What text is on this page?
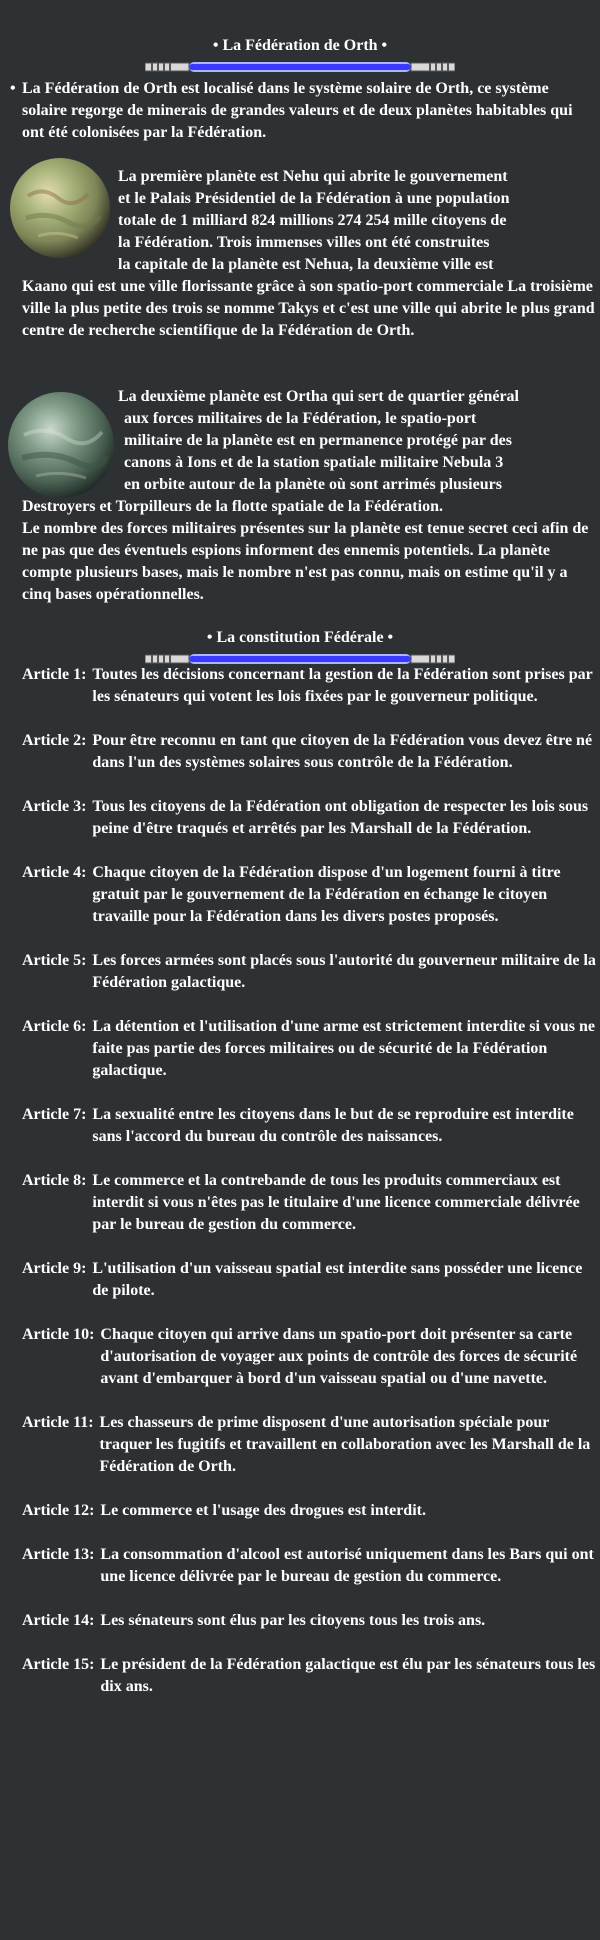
• La Fédération de Orth •
• La Fédération de Orth est localisé dans le système solaire de Orth, ce système solaire regorge de minerais de grandes valeurs et de deux planètes habitables qui ont été colonisées par la Fédération.
La première planète est Nehu qui abrite le gouvernement
et le Palais Présidentiel de la Fédération à une population
totale de 1 milliard 824 millions 274 254 mille citoyens de
la Fédération. Trois immenses villes ont été construites
la capitale de la planète est Nehua, la deuxième ville est
Kaano qui est une ville florissante grâce à son spatio-port commerciale La troisième ville la plus petite des trois se nomme Takys et c'est une ville qui abrite le plus grand centre de recherche scientifique de la Fédération de Orth.
La deuxième planète est Ortha qui sert de quartier général
aux forces militaires de la Fédération, le spatio-port
militaire de la planète est en permanence protégé par des
canons à Ions et de la station spatiale militaire Nebula 3
en orbite autour de la planète où sont arrimés plusieurs
Destroyers et Torpilleurs de la flotte spatiale de la Fédération.
Le nombre des forces militaires présentes sur la planète est tenue secret ceci afin de ne pas que des éventuels espions informent des ennemis potentiels. La planète compte plusieurs bases, mais le nombre n'est pas connu, mais on estime qu'il y a cinq bases opérationnelles.
• La constitution Fédérale •
Article 1: Toutes les décisions concernant la gestion de la Fédération sont prises par les sénateurs qui votent les lois fixées par le gouverneur politique.
Article 2: Pour être reconnu en tant que citoyen de la Fédération vous devez être né dans l'un des systèmes solaires sous contrôle de la Fédération.
Article 3: Tous les citoyens de la Fédération ont obligation de respecter les lois sous peine d'être traqués et arrêtés par les Marshall de la Fédération.
Article 4: Chaque citoyen de la Fédération dispose d'un logement fourni à titre gratuit par le gouvernement de la Fédération en échange le citoyen travaille pour la Fédération dans les divers postes proposés.
Article 5: Les forces armées sont placés sous l'autorité du gouverneur militaire de la Fédération galactique.
Article 6: La détention et l'utilisation d'une arme est strictement interdite si vous ne faite pas partie des forces militaires ou de sécurité de la Fédération galactique.
Article 7: La sexualité entre les citoyens dans le but de se reproduire est interdite sans l'accord du bureau du contrôle des naissances.
Article 8: Le commerce et la contrebande de tous les produits commerciaux est interdit si vous n'êtes pas le titulaire d'une licence commerciale délivrée par le bureau de gestion du commerce.
Article 9: L'utilisation d'un vaisseau spatial est interdite sans posséder une licence de pilote.
Article 10: Chaque citoyen qui arrive dans un spatio-port doit présenter sa carte d'autorisation de voyager aux points de contrôle des forces de sécurité avant d'embarquer à bord d'un vaisseau spatial ou d'une navette.
Article 11: Les chasseurs de prime disposent d'une autorisation spéciale pour traquer les fugitifs et travaillent en collaboration avec les Marshall de la Fédération de Orth.
Article 12: Le commerce et l'usage des drogues est interdit.
Article 13: La consommation d'alcool est autorisé uniquement dans les Bars qui ont une licence délivrée par le bureau de gestion du commerce.
Article 14: Les sénateurs sont élus par les citoyens tous les trois ans.
Article 15: Le président de la Fédération galactique est élu par les sénateurs tous les dix ans.
